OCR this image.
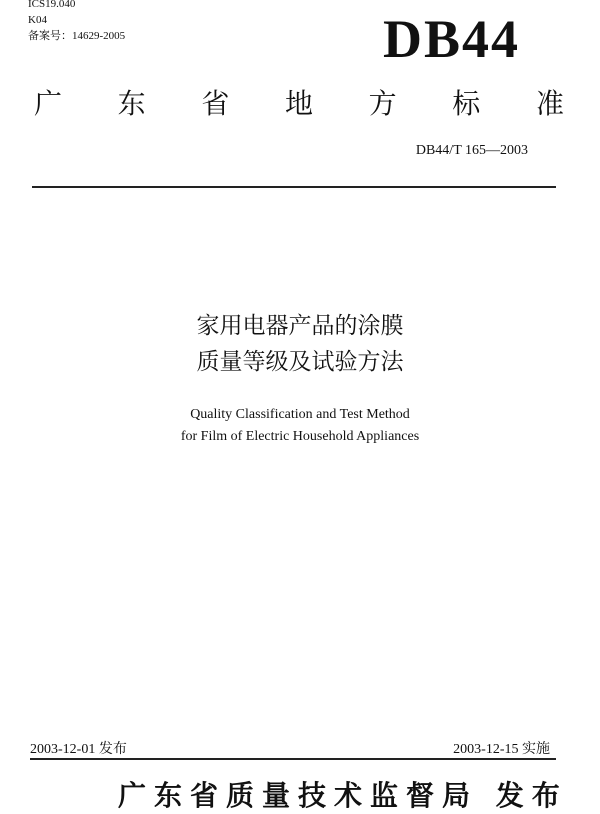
ICS19.040
K04
备案号：14629-2005	DB44
广 东 省 地 方 标 准
DB44/T 165—2003
家用电器产品的涂膜
质量等级及试验方法
Quality Classification and Test Method
for Film of Electric Household Appliances
2003-12-01 发布	2003-12-15 实施
广东省质量技术监督局 发布
